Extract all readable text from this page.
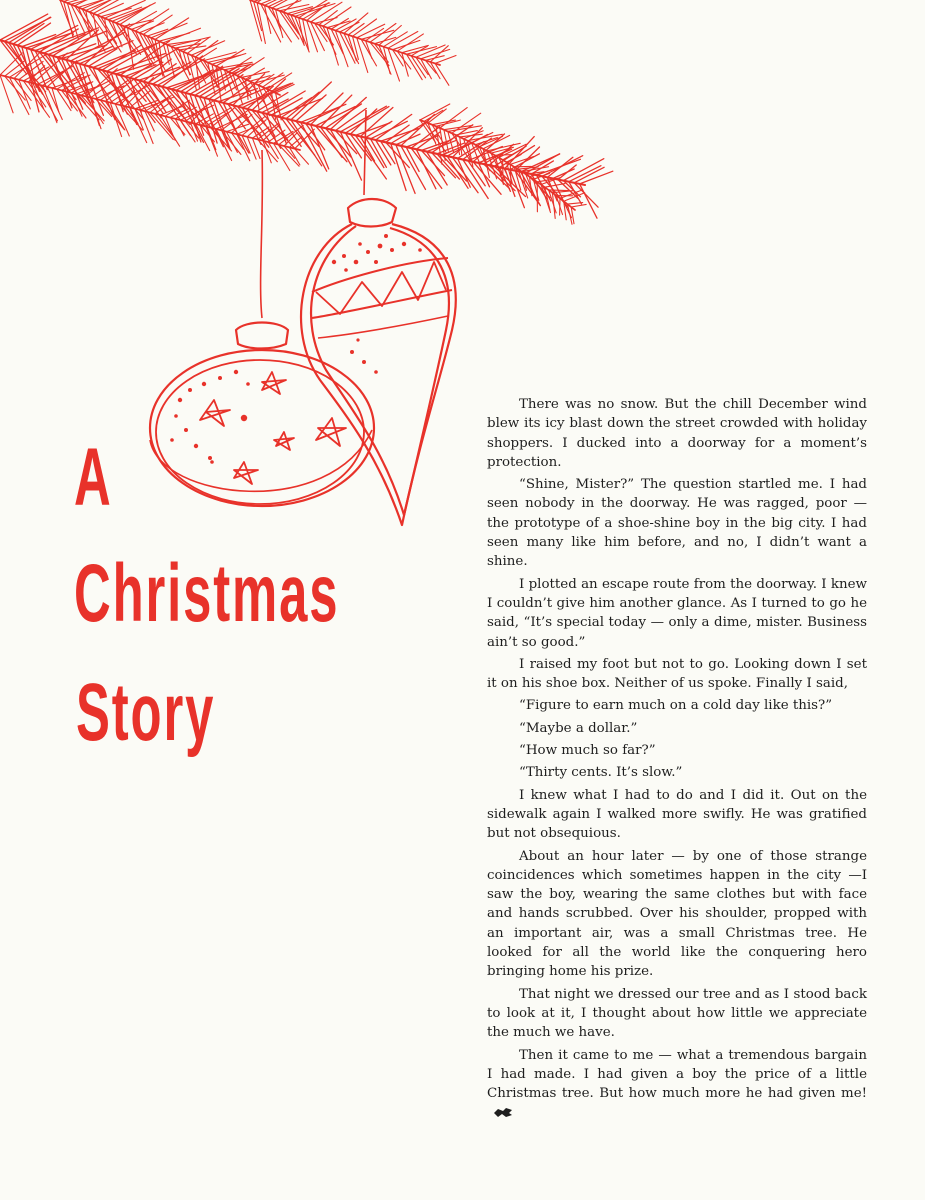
A
Christmas
Story

There was no snow. But the chill December wind blew its icy blast down the street crowded with holiday shoppers. I ducked into a doorway for a moment’s protection.

“Shine, Mister?” The question startled me. I had seen nobody in the doorway. He was ragged, poor — the prototype of a shoe-shine boy in the big city. I had seen many like him before, and no, I didn’t want a shine.

I plotted an escape route from the doorway. I knew I couldn’t give him another glance. As I turned to go he said, “It’s special today — only a dime, mister. Business ain’t so good.”

I raised my foot but not to go. Looking down I set it on his shoe box. Neither of us spoke. Finally I said,

“Figure to earn much on a cold day like this?”

“Maybe a dollar.”

“How much so far?”

“Thirty cents. It’s slow.”

I knew what I had to do and I did it. Out on the sidewalk again I walked more swifly. He was gratified but not obsequious.

About an hour later — by one of those strange coincidences which sometimes happen in the city —I saw the boy, wearing the same clothes but with face and hands scrubbed. Over his shoulder, propped with an important air, was a small Christmas tree. He looked for all the world like the conquering hero bringing home his prize.

That night we dressed our tree and as I stood back to look at it, I thought about how little we appreciate the much we have.

Then it came to me — what a tremendous bargain I had made. I had given a boy the price of a little Christmas tree. But how much more he had given me!
